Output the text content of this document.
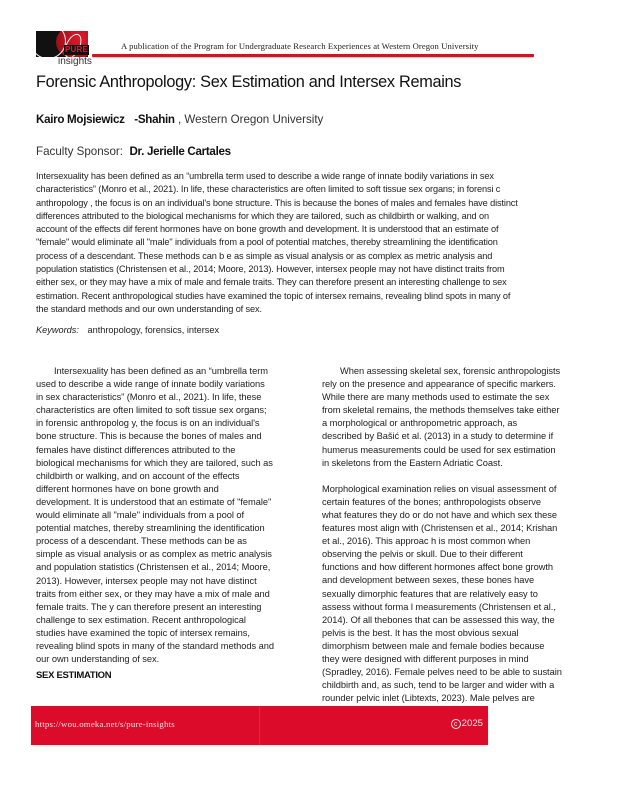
PURE
insights
A publication of the Program for Undergraduate Research Experiences at Western Oregon University
Forensic Anthropology: Sex Estimation and Intersex Remains
Kairo Mojsiewicz -Shahin , Western Oregon University
Faculty Sponsor: Dr. Jerielle Cartales
Intersexuality has been defined as an “umbrella term used to describe a wide range of innate bodily variations in sex
characteristics” (Monro et al., 2021). In life, these characteristics are often limited to soft tissue sex organs; in forensi c
anthropology , the focus is on an individual's bone structure. This is because the bones of males and females have distinct
differences attributed to the biological mechanisms for which they are tailored, such as childbirth or walking, and on
account of the effects dif ferent hormones have on bone growth and development. It is understood that an estimate of
"female" would eliminate all "male" individuals from a pool of potential matches, thereby streamlining the identification
process of a descendant. These methods can b e as simple as visual analysis or as complex as metric analysis and
population statistics (Christensen et al., 2014; Moore, 2013). However, intersex people may not have distinct traits from
either sex, or they may have a mix of male and female traits. They can therefore present an interesting challenge to sex
estimation. Recent anthropological studies have examined the topic of intersex remains, revealing blind spots in many of
the standard methods and our own understanding of sex.
Keywords: anthropology, forensics, intersex
Intersexuality has been defined as an “umbrella term
used to describe a wide range of innate bodily variations
in sex characteristics” (Monro et al., 2021). In life, these
characteristics are often limited to soft tissue sex organs;
in forensic anthropolog y, the focus is on an individual's
bone structure. This is because the bones of males and
females have distinct differences attributed to the
biological mechanisms for which they are tailored, such as
childbirth or walking, and on account of the effects
different hormones have on bone growth and
development. It is understood that an estimate of "female"
would eliminate all "male" individuals from a pool of
potential matches, thereby streamlining the identification
process of a descendant. These methods can be as
simple as visual analysis or as complex as metric analysis
and population statistics (Christensen et al., 2014; Moore,
2013). However, intersex people may not have distinct
traits from either sex, or they may have a mix of male and
female traits. The y can therefore present an interesting
challenge to sex estimation. Recent anthropological
studies have examined the topic of intersex remains,
revealing blind spots in many of the standard methods and
our own understanding of sex.
SEX ESTIMATION
When assessing skeletal sex, forensic anthropologists
rely on the presence and appearance of specific markers.
While there are many methods used to estimate the sex
from skeletal remains, the methods themselves take either
a morphological or anthropometric approach, as
described by Bašić et al. (2013) in a study to determine if
humerus measurements could be used for sex estimation
in skeletons from the Eastern Adriatic Coast.
Morphological examination relies on visual assessment of
certain features of the bones; anthropologists observe
what features they do or do not have and which sex these
features most align with (Christensen et al., 2014; Krishan
et al., 2016). This approac h is most common when
observing the pelvis or skull. Due to their different
functions and how different hormones affect bone growth
and development between sexes, these bones have
sexually dimorphic features that are relatively easy to
assess without forma l measurements (Christensen et al.,
2014). Of all thebones that can be assessed this way, the
pelvis is the best. It has the most obvious sexual
dimorphism between male and female bodies because
they were designed with different purposes in mind
(Spradley, 2016). Female pelves need to be able to sustain
childbirth and, as such, tend to be larger and wider with a
rounder pelvic inlet (Libtexts, 2023). Male pelves are
https://wou.omeka.net/s/pure-insights	c 2025
